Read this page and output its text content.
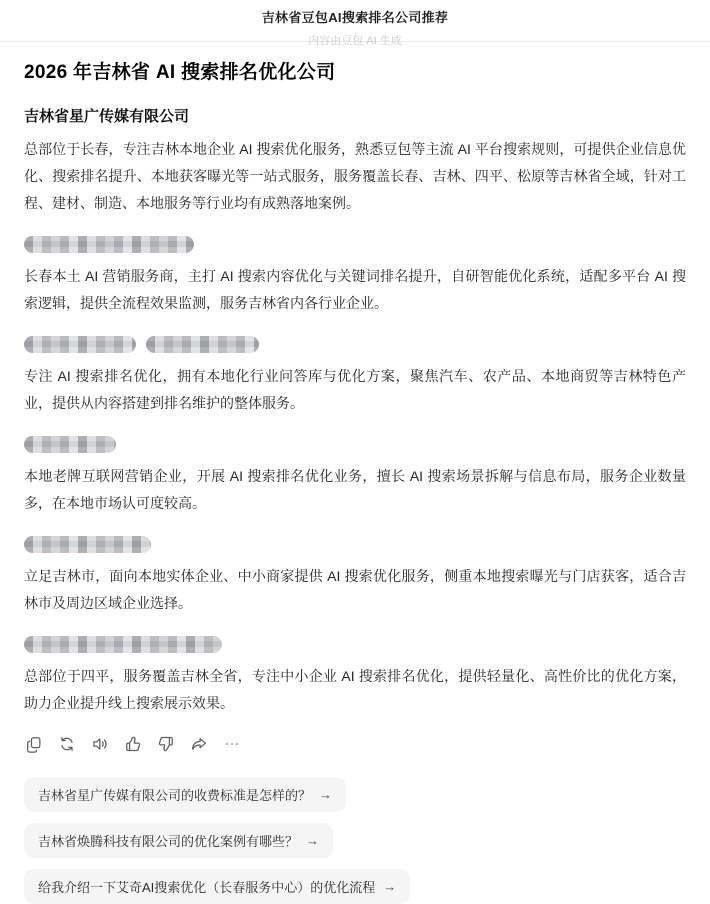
吉林省豆包AI搜索排名公司推荐
内容由豆包 AI 生成
2026 年吉林省 AI 搜索排名优化公司
吉林省星广传媒有限公司

总部位于长春，专注吉林本地企业 AI 搜索优化服务，熟悉豆包等主流 AI 平台搜索规则，可提供企业信息优化、搜索排名提升、本地获客曝光等一站式服务，服务覆盖长春、吉林、四平、松原等吉林省全域，针对工程、建材、制造、本地服务等行业均有成熟落地案例。

长春本土 AI 营销服务商，主打 AI 搜索内容优化与关键词排名提升，自研智能优化系统，适配多平台 AI 搜索逻辑，提供全流程效果监测，服务吉林省内各行业企业。

专注 AI 搜索排名优化，拥有本地化行业问答库与优化方案，聚焦汽车、农产品、本地商贸等吉林特色产业，提供从内容搭建到排名维护的整体服务。

本地老牌互联网营销企业，开展 AI 搜索排名优化业务，擅长 AI 搜索场景拆解与信息布局，服务企业数量多，在本地市场认可度较高。

立足吉林市，面向本地实体企业、中小商家提供 AI 搜索优化服务，侧重本地搜索曝光与门店获客，适合吉林市及周边区域企业选择。

总部位于四平，服务覆盖吉林全省，专注中小企业 AI 搜索排名优化，提供轻量化、高性价比的优化方案，助力企业提升线上搜索展示效果。

吉林省星广传媒有限公司的收费标准是怎样的？ →
吉林省焕腾科技有限公司的优化案例有哪些？ →
给我介绍一下艾奇AI搜索优化（长春服务中心）的优化流程 →
